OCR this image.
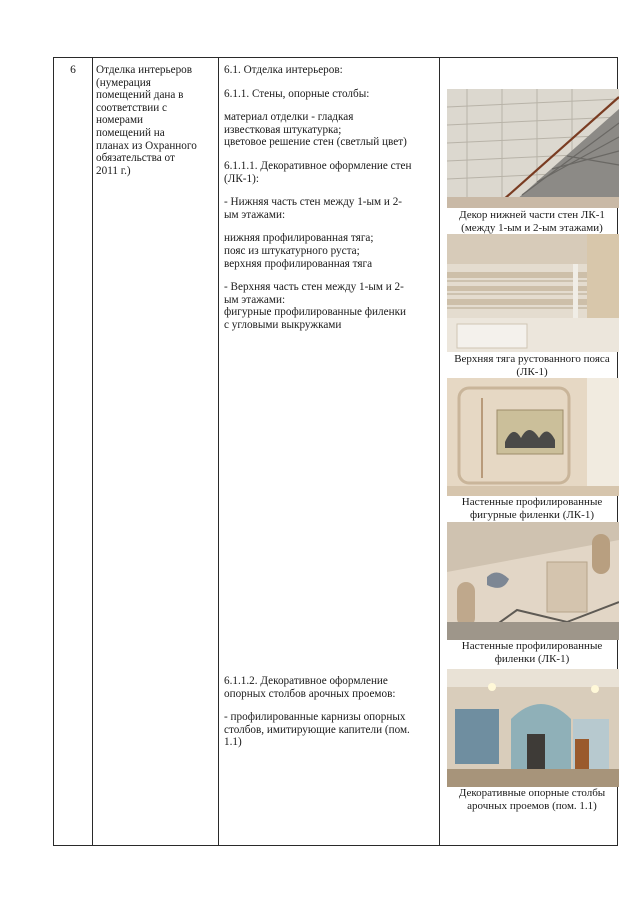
6	Отделка интерьеров

(нумерация

помещений дана в

соответствии с

номерами

помещений на

планах из Охранного

обязательства от

2011 г.)

6.1. Отделка интерьеров:

6.1.1. Стены, опорные столбы:

материал отделки - гладкая

известковая штукатурка;

цветовое решение стен (светлый цвет)

6.1.1.1. Декоративное оформление стен

(ЛК-1):

- Нижняя часть стен между 1-ым и 2-

ым этажами:

нижняя профилированная тяга;

пояс из штукатурного руста;

верхняя профилированная тяга

- Верхняя часть стен между 1-ым и 2-

ым этажами:

фигурные профилированные филенки

с угловыми выкружками

6.1.1.2. Декоративное оформление

опорных столбов арочных проемов:

- профилированные карнизы опорных

столбов, имитирующие капители (пом.

1.1)

Декор нижней части стен ЛК-1

(между 1-ым и 2-ым этажами)

Верхняя тяга рустованного пояса

(ЛК-1)

Настенные профилированные

фигурные филенки (ЛК-1)

Настенные профилированные

филенки (ЛК-1)

Декоративные опорные столбы

арочных проемов (пом. 1.1)
